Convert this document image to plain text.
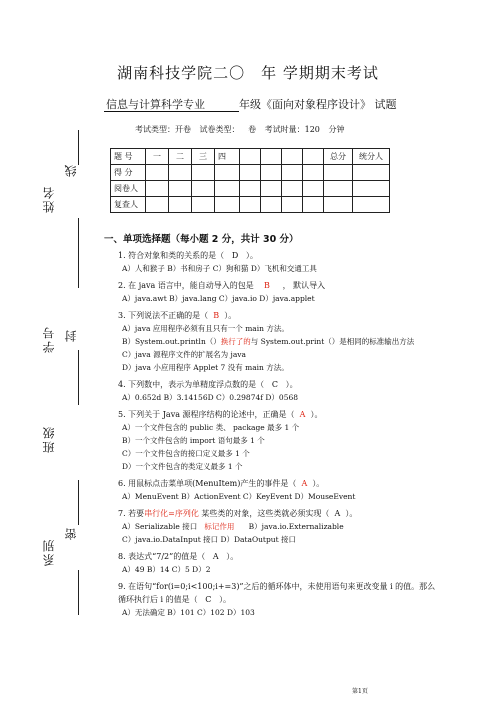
姓名
线
学号 封
班级
密
系别
湖南科技学院二〇　年 学期期末考试
信息与计算科学专业	年级《面向对象程序设计》 试题
考试类型：开卷 试卷类型： 卷 考试时量：120 分钟
题 号	一	二	三	四					总分	统分人
得 分										
阅卷人										
复查人										
一、单项选择题（每小题 2 分，共计 30 分）
1. 符合对象和类的关系的是（ D ）。
A）人和猴子 B）书和房子 C）狗和猫 D）飞机和交通工具
2. 在 java 语言中，能自动导入的包是 B ， 默认导入
A）java.awt B）java.lang C）java.io D）java.applet
3. 下列说法不正确的是（ B ）。
A）java 应用程序必须有且只有一个 main 方法。
B）System.out.println（）换行了的与 System.out.print（）是相同的标准输出方法
C）java 源程序文件的扩展名为 java
D）java 小应用程序 Applet 7 没有 main 方法。
4. 下列数中，表示为单精度浮点数的是（ C ）。
A）0.652d B）3.14156D C）0.29874f D）0568
5. 下列关于 Java 源程序结构的论述中，正确是（ A ）。
A）一个文件包含的 public 类、 package 最多 1 个
B）一个文件包含的 import 语句最多 1 个
C）一个文件包含的接口定义最多 1 个
D）一个文件包含的类定义最多 1 个
6. 用鼠标点击菜单项(MenuItem)产生的事件是（ A ）。
A）MenuEvent B）ActionEvent C）KeyEvent D）MouseEvent
7. 若要串行化=序列化 某些类的对象，这些类就必须实现（ A ）。
A）Serializable 接口 标记作用 B）java.io.Externalizable
C）java.io.DataInput 接口 D）DataOutput 接口
8. 表达式“7/2”的值是（ A ）。
A）49 B）14 C）5 D）2
9. 在语句“for(i=0;i<100;i+=3)”之后的循环体中，未使用语句来更改变量 i 的值。那么
循环执行后 i 的值是（ C ）。
A）无法确定 B）101 C）102 D）103
第1页
